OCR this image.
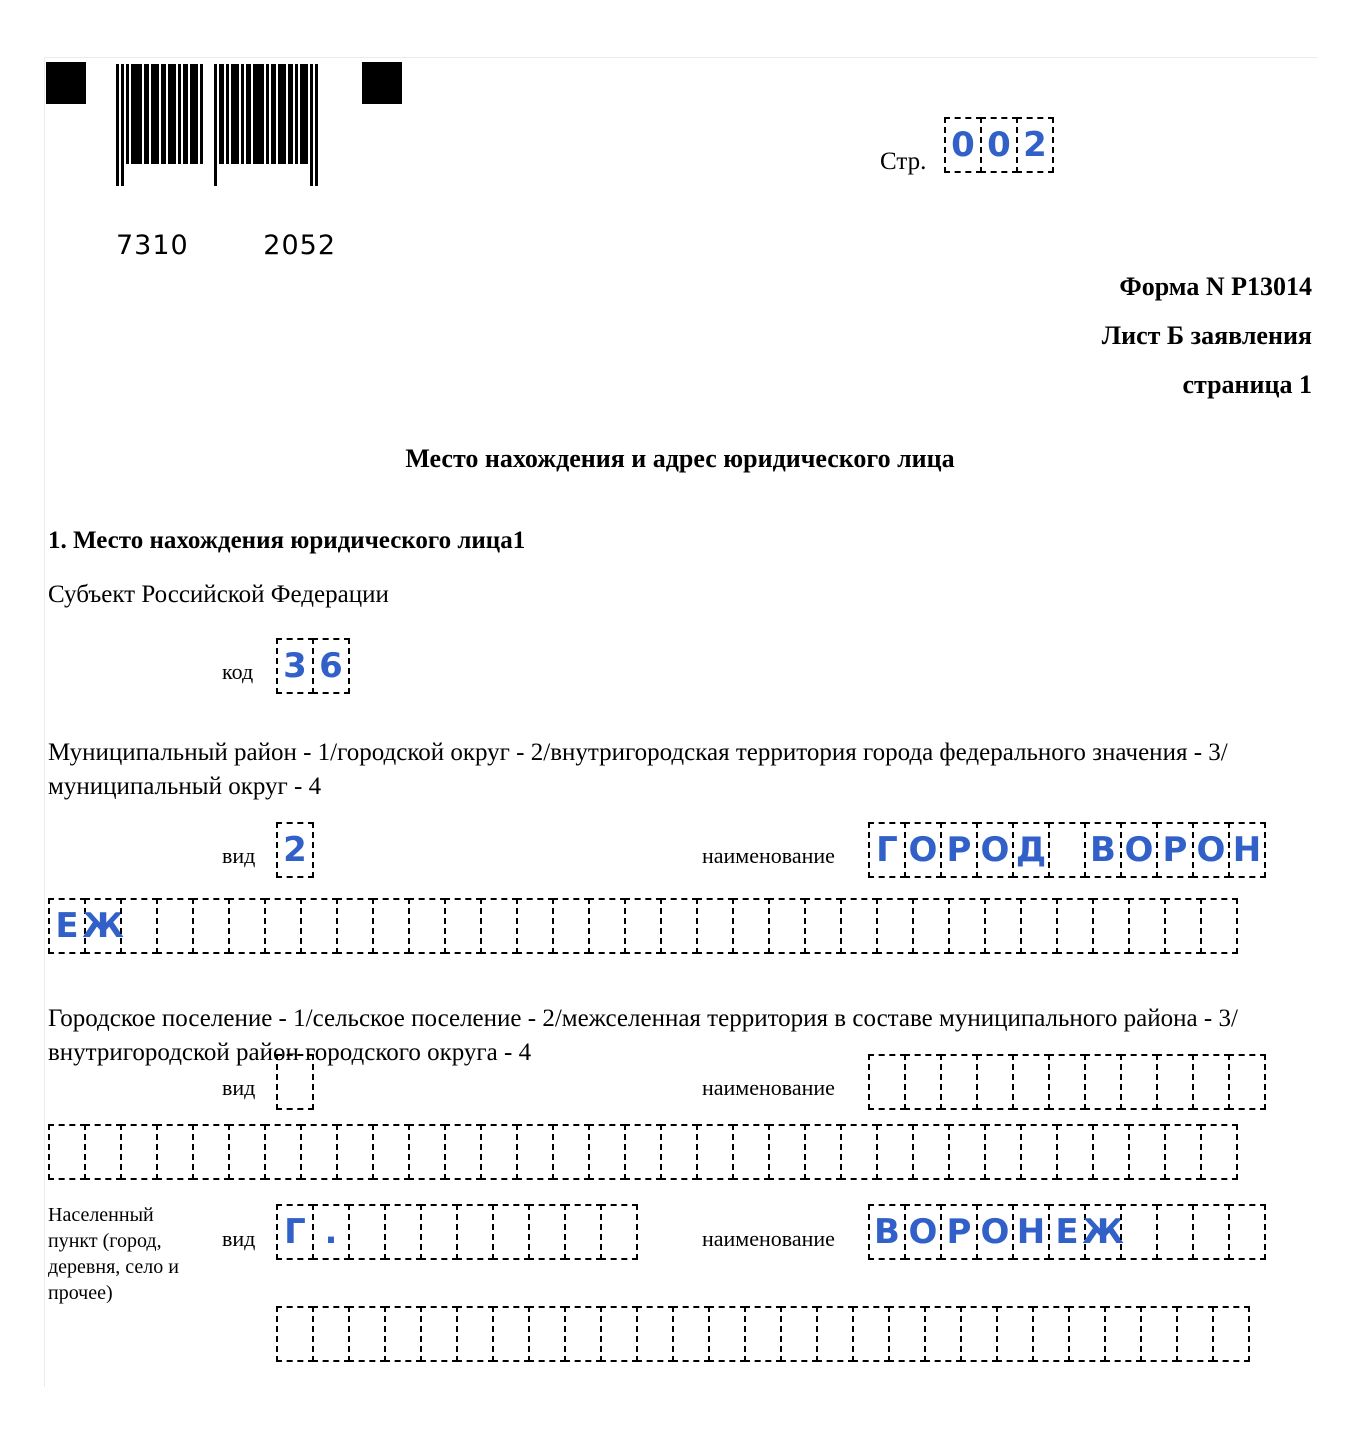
7310	2052
Стр. 0 0 2
Форма N Р13014
Лист Б заявления
страница 1
Место нахождения и адрес юридического лица
1. Место нахождения юридического лица1
Субъект Российской Федерации
код 3 6
Муниципальный район - 1/городской округ - 2/внутригородская территория города федерального значения - 3/муниципальный округ - 4
вид 2	наименование Г О Р О Д В О Р О Н
Е Ж
Городское поселение - 1/сельское поселение - 2/межселенная территория в составе муниципального района - 3/внутригородской район городского округа - 4
вид	наименование
Населенный пункт (город, деревня, село и прочее)
вид Г .	наименование В О Р О Н Е Ж
